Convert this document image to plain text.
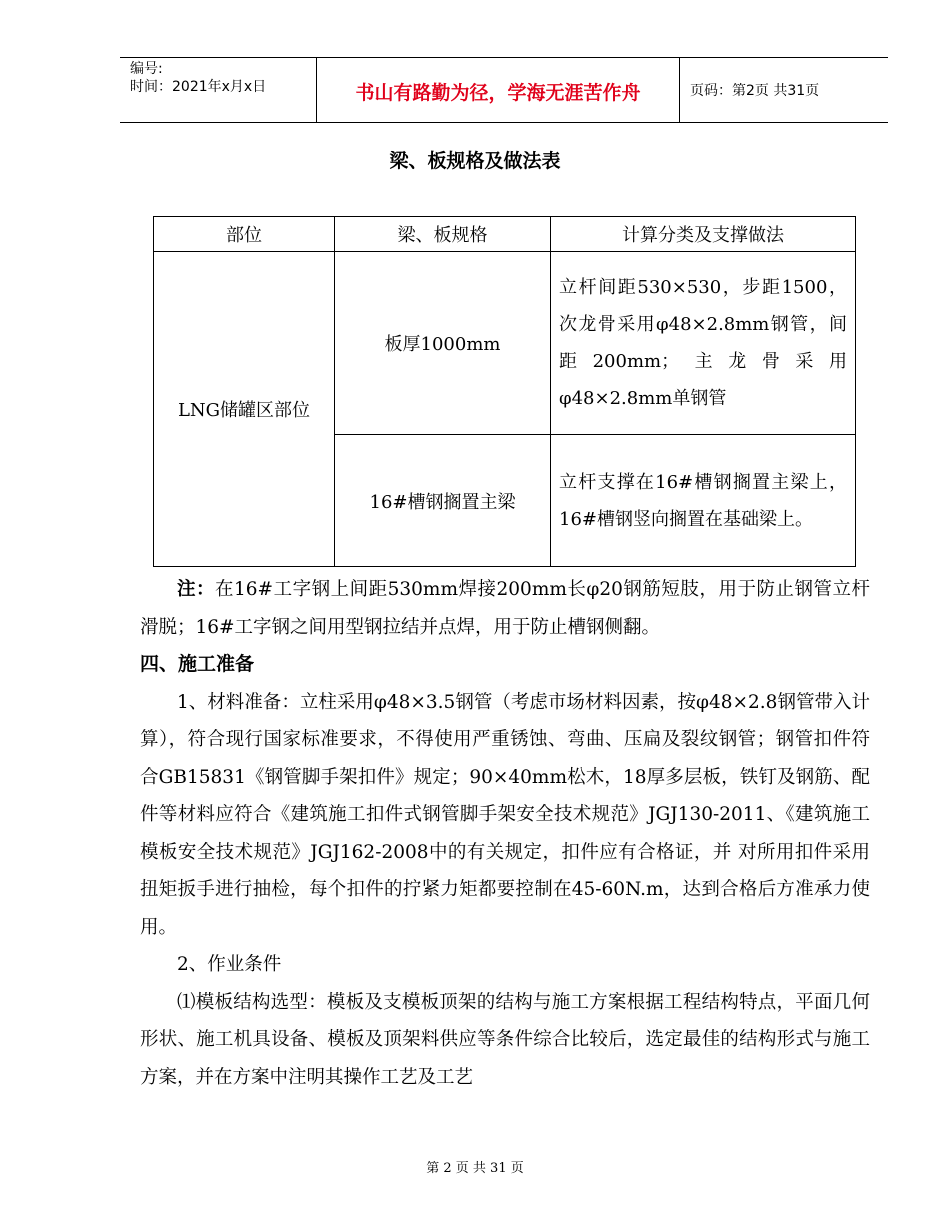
编号:
时间：2021年x月x日	书山有路勤为径，学海无涯苦作舟	页码：第2页 共31页
梁、板规格及做法表
部位	梁、板规格	计算分类及支撑做法
LNG储罐区部位	板厚1000mm	立杆间距530×530，步距1500，次龙骨采用φ48×2.8mm钢管，间距200mm；主龙骨采用φ48×2.8mm单钢管
	16#槽钢搁置主梁	立杆支撑在16#槽钢搁置主梁上，16#槽钢竖向搁置在基础梁上。

注：在16#工字钢上间距530mm焊接200mm长φ20钢筋短肢，用于防止钢管立杆滑脱；16#工字钢之间用型钢拉结并点焊，用于防止槽钢侧翻。

四、施工准备

1、材料准备：立柱采用φ48×3.5钢管（考虑市场材料因素，按φ48×2.8钢管带入计算），符合现行国家标准要求，不得使用严重锈蚀、弯曲、压扁及裂纹钢管；钢管扣件符合GB15831《钢管脚手架扣件》规定；90×40mm松木，18厚多层板，铁钉及钢筋、配件等材料应符合《建筑施工扣件式钢管脚手架安全技术规范》JGJ130-2011、《建筑施工模板安全技术规范》JGJ162-2008中的有关规定，扣件应有合格证，并 对所用扣件采用扭矩扳手进行抽检，每个扣件的拧紧力矩都要控制在45-60N.m，达到合格后方准承力使用。

2、作业条件

⑴模板结构选型：模板及支模板顶架的结构与施工方案根据工程结构特点，平面几何形状、施工机具设备、模板及顶架料供应等条件综合比较后，选定最佳的结构形式与施工方案，并在方案中注明其操作工艺及工艺

第 2 页 共 31 页
